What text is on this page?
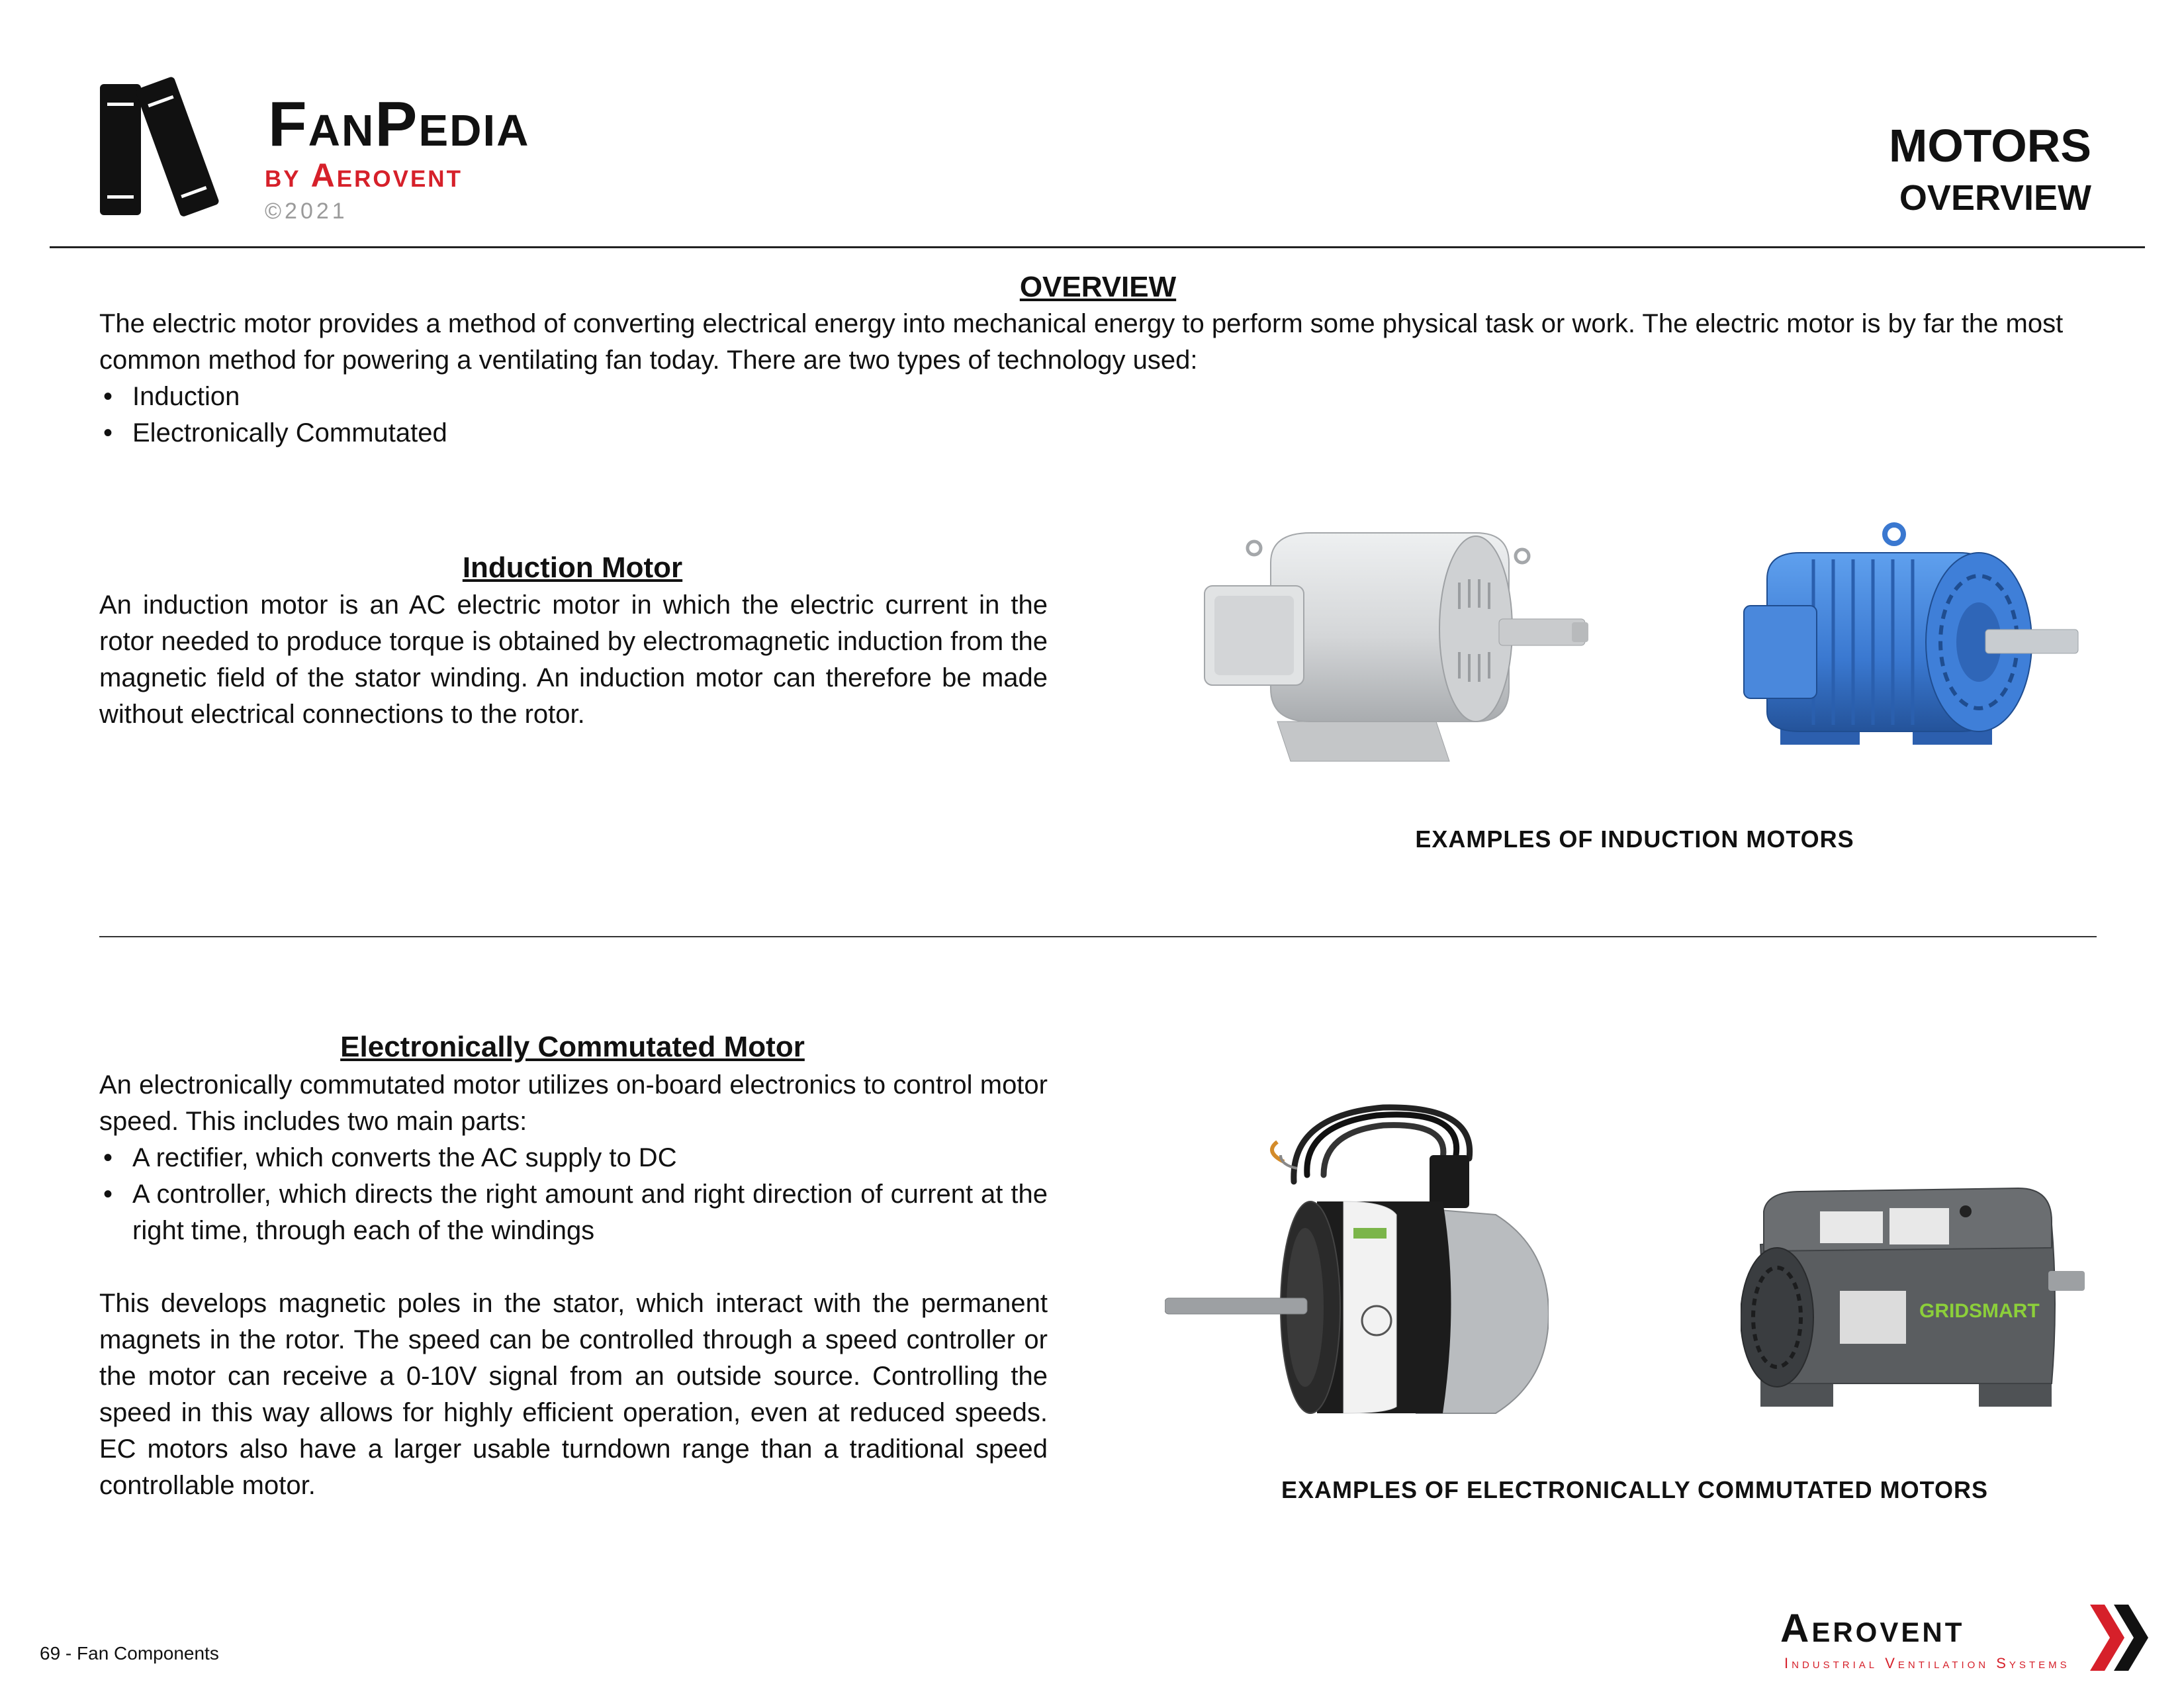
FanPedia
by Aerovent
©2021
MOTORS
OVERVIEW
OVERVIEW

The electric motor provides a method of converting electrical energy into mechanical energy to perform some physical task or work. The electric motor is by far the most common method for powering a ventilating fan today. There are two types of technology used:

• Induction
• Electronically Commutated
Induction Motor

An induction motor is an AC electric motor in which the electric current in the rotor needed to produce torque is obtained by electromagnetic induction from the magnetic field of the stator winding. An induction motor can therefore be made without electrical connections to the rotor.

EXAMPLES OF INDUCTION MOTORS
Electronically Commutated Motor

An electronically commutated motor utilizes on-board electronics to control motor speed. This includes two main parts:

• A rectifier, which converts the AC supply to DC
• A controller, which directs the right amount and right direction of current at the right time, through each of the windings

This develops magnetic poles in the stator, which interact with the permanent magnets in the rotor. The speed can be controlled through a speed controller or the motor can receive a 0-10V signal from an outside source. Controlling the speed in this way allows for highly efficient operation, even at reduced speeds. EC motors also have a larger usable turndown range than a traditional speed controllable motor.

GRIDSMART
EXAMPLES OF ELECTRONICALLY COMMUTATED MOTORS
69 - Fan Components
Aerovent
Industrial Ventilation Systems
